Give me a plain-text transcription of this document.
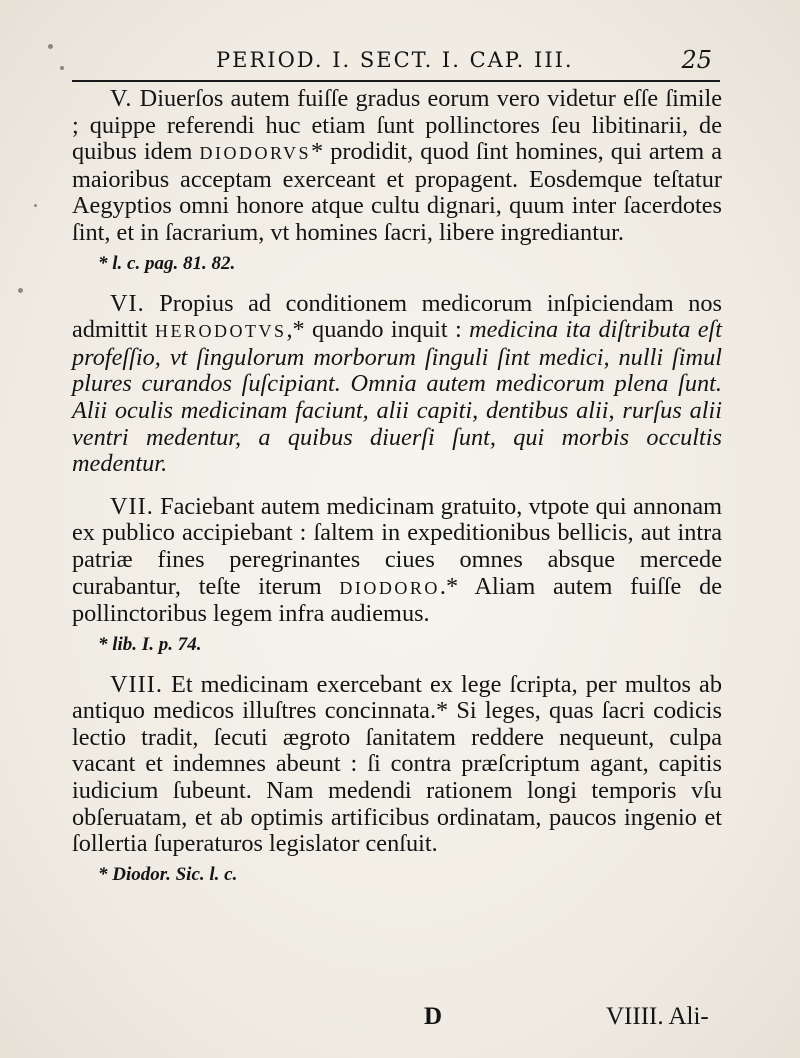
PERIOD. I. SECT. I. CAP. III.	25

V. Diuerſos autem fuiſſe gradus eorum vero videtur eſſe ſimile ; quippe referendi huc etiam ſunt pollinctores ſeu libitinarii, de quibus idem DIODORVS* prodidit, quod ſint homines, qui artem a maioribus acceptam exerceant et propagent. Eosdemque teſtatur Aegyptios omni honore atque cultu dignari, quum inter ſacerdotes ſint, et in ſacrarium, vt homines ſacri, libere ingrediantur.

* l. c. pag. 81. 82.

VI. Propius ad conditionem medicorum inſpiciendam nos admittit HERODOTVS,* quando inquit : medicina ita diſtributa eſt profeſſio, vt ſingulorum morborum ſinguli ſint medici, nulli ſimul plures curandos ſuſcipiant. Omnia autem medicorum plena ſunt. Alii oculis medicinam faciunt, alii capiti, dentibus alii, rurſus alii ventri medentur, a quibus diuerſi ſunt, qui morbis occultis medentur.

VII. Faciebant autem medicinam gratuito, vtpote qui annonam ex publico accipiebant : ſaltem in expeditionibus bellicis, aut intra patriæ fines peregrinantes ciues omnes absque mercede curabantur, teſte iterum DIODORO.* Aliam autem fuiſſe de pollinctoribus legem infra audiemus.

* lib. I. p. 74.

VIII. Et medicinam exercebant ex lege ſcripta, per multos ab antiquo medicos illuſtres concinnata.* Si leges, quas ſacri codicis lectio tradit, ſecuti ægroto ſanitatem reddere nequeunt, culpa vacant et indemnes abeunt : ſi contra præſcriptum agant, capitis iudicium ſubeunt. Nam medendi rationem longi temporis vſu obſeruatam, et ab optimis artificibus ordinatam, paucos ingenio et ſollertia ſuperaturos legislator cenſuit.

* Diodor. Sic. l. c.

D	VIIII. Ali-
